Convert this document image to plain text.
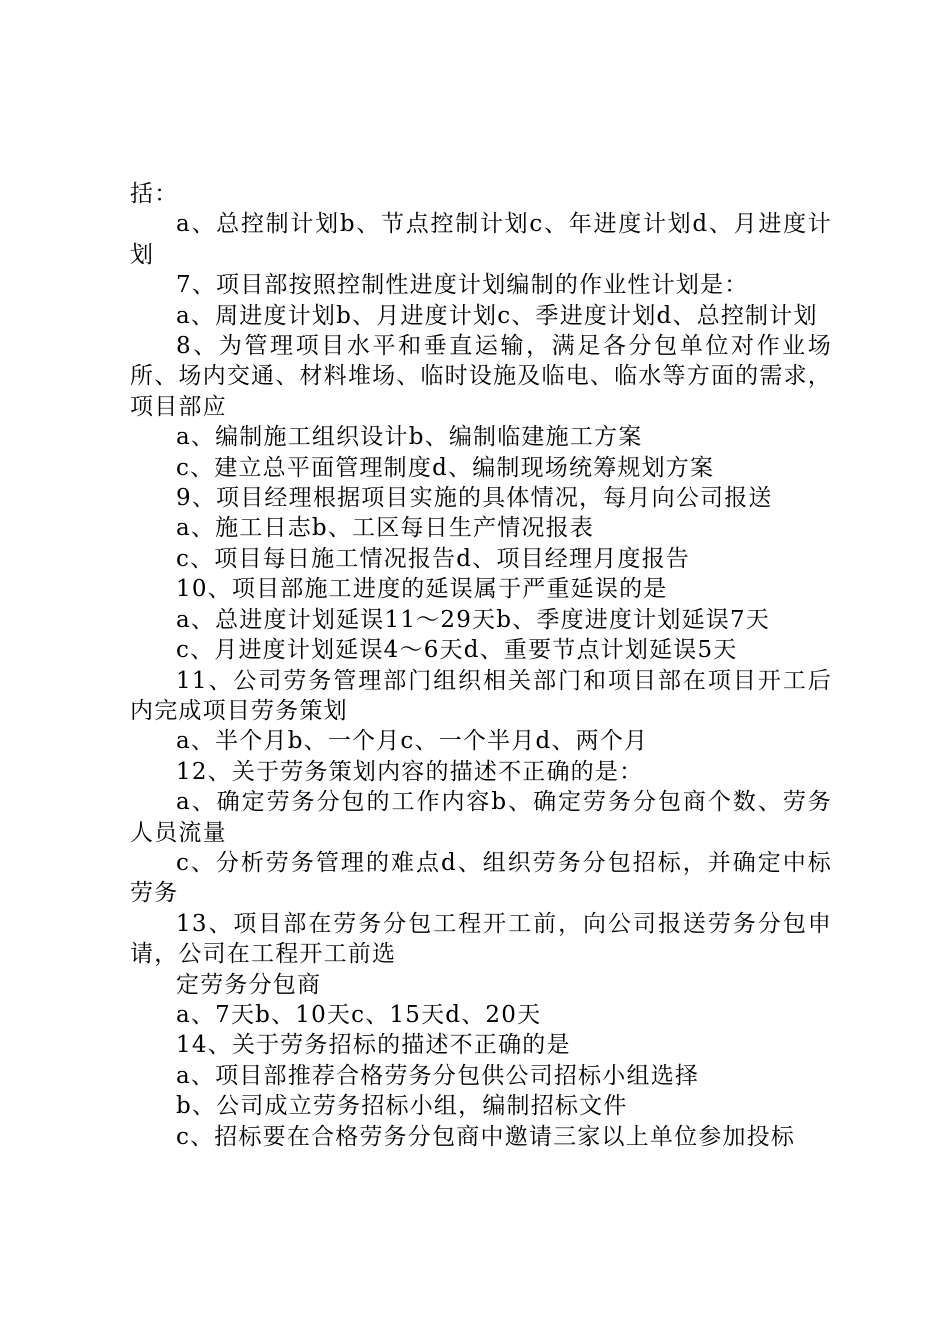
括：

a、总控制计划b、节点控制计划c、年进度计划d、月进度计划

7、项目部按照控制性进度计划编制的作业性计划是：

a、周进度计划b、月进度计划c、季进度计划d、总控制计划

8、为管理项目水平和垂直运输，满足各分包单位对作业场所、场内交通、材料堆场、临时设施及临电、临水等方面的需求，项目部应

a、编制施工组织设计b、编制临建施工方案

c、建立总平面管理制度d、编制现场统筹规划方案

9、项目经理根据项目实施的具体情况，每月向公司报送

a、施工日志b、工区每日生产情况报表

c、项目每日施工情况报告d、项目经理月度报告

10、项目部施工进度的延误属于严重延误的是

a、总进度计划延误11～29天b、季度进度计划延误7天

c、月进度计划延误4～6天d、重要节点计划延误5天

11、公司劳务管理部门组织相关部门和项目部在项目开工后内完成项目劳务策划

a、半个月b、一个月c、一个半月d、两个月

12、关于劳务策划内容的描述不正确的是：

a、确定劳务分包的工作内容b、确定劳务分包商个数、劳务人员流量

c、分析劳务管理的难点d、组织劳务分包招标，并确定中标劳务

13、项目部在劳务分包工程开工前，向公司报送劳务分包申请，公司在工程开工前选

定劳务分包商

a、7天b、10天c、15天d、20天

14、关于劳务招标的描述不正确的是

a、项目部推荐合格劳务分包供公司招标小组选择

b、公司成立劳务招标小组，编制招标文件

c、招标要在合格劳务分包商中邀请三家以上单位参加投标
